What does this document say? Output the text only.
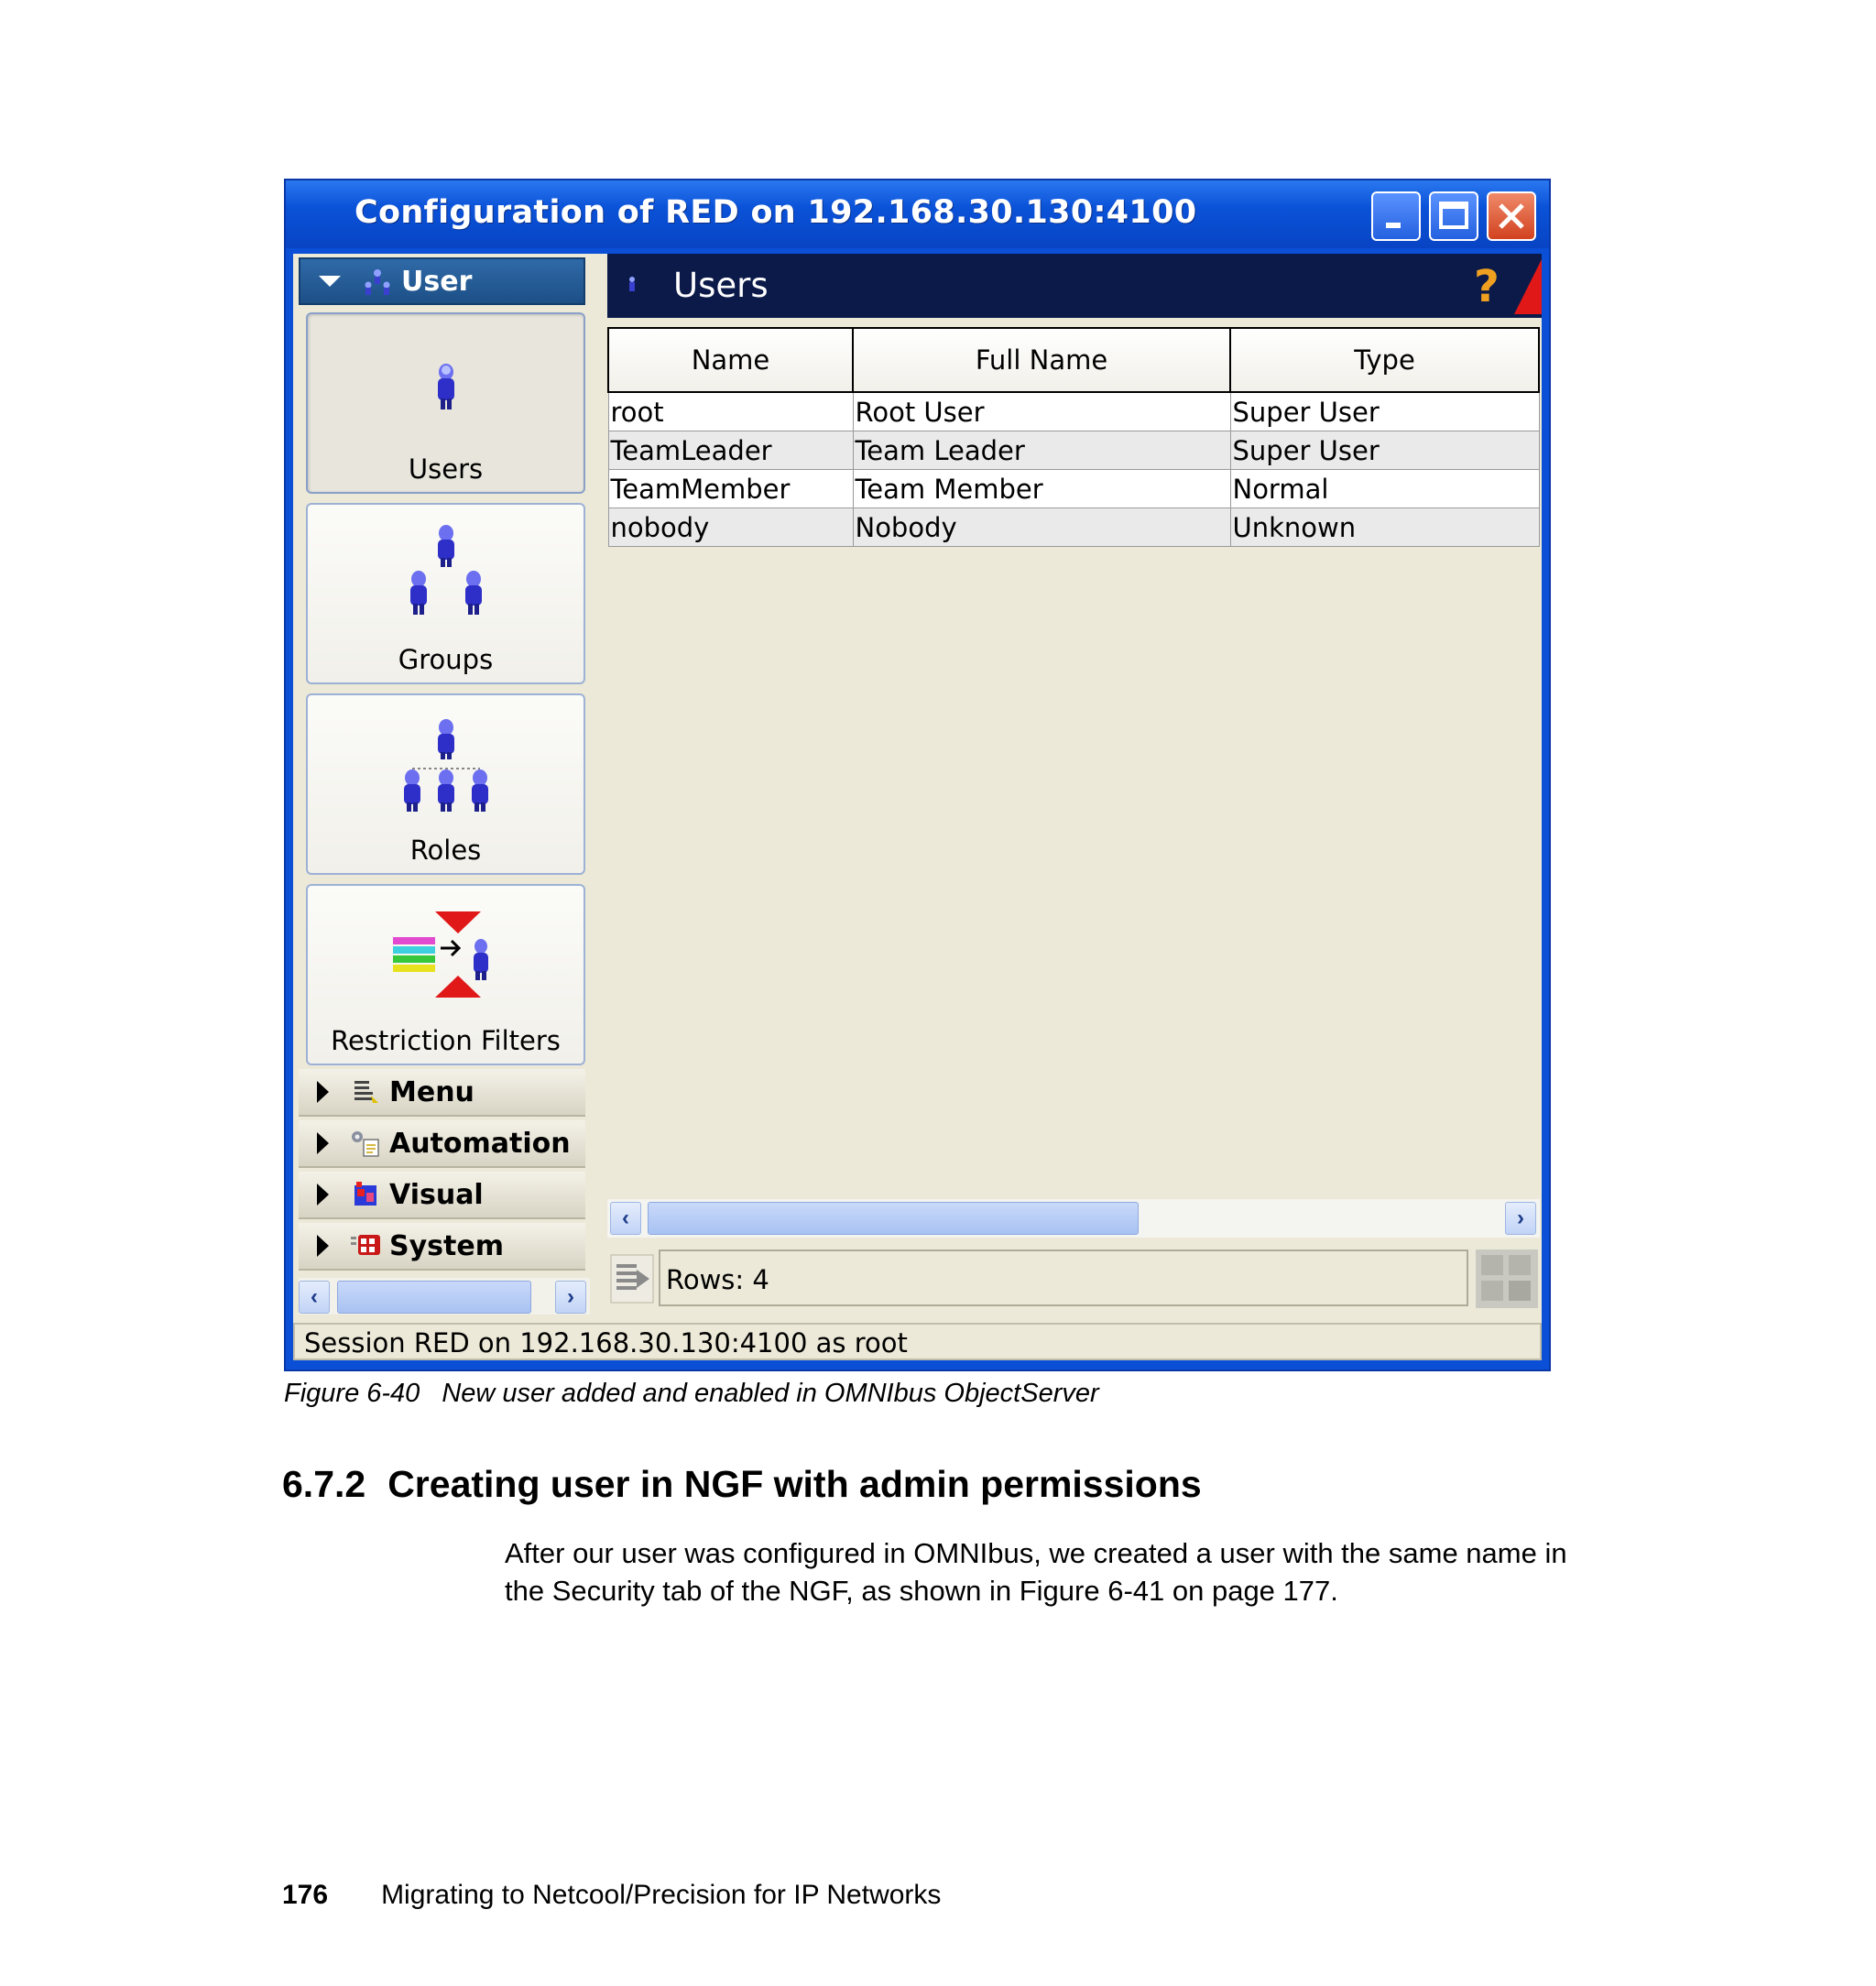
Configuration of RED on 192.168.30.130:4100
User
Users
Groups
Roles
Restriction Filters
Menu
Automation
Visual
System
‹	›
Users	?
Name	Full Name	Type
root	Root User	Super User
TeamLeader	Team Leader	Super User
TeamMember	Team Member	Normal
nobody	Nobody	Unknown
‹	›
Rows: 4
Session RED on 192.168.30.130:4100 as root
Figure 6-40 New user added and enabled in OMNIbus ObjectServer
6.7.2 Creating user in NGF with admin permissions
After our user was configured in OMNIbus, we created a user with the same name in the Security tab of the NGF, as shown in Figure 6-41 on page 177.
176 Migrating to Netcool/Precision for IP Networks
